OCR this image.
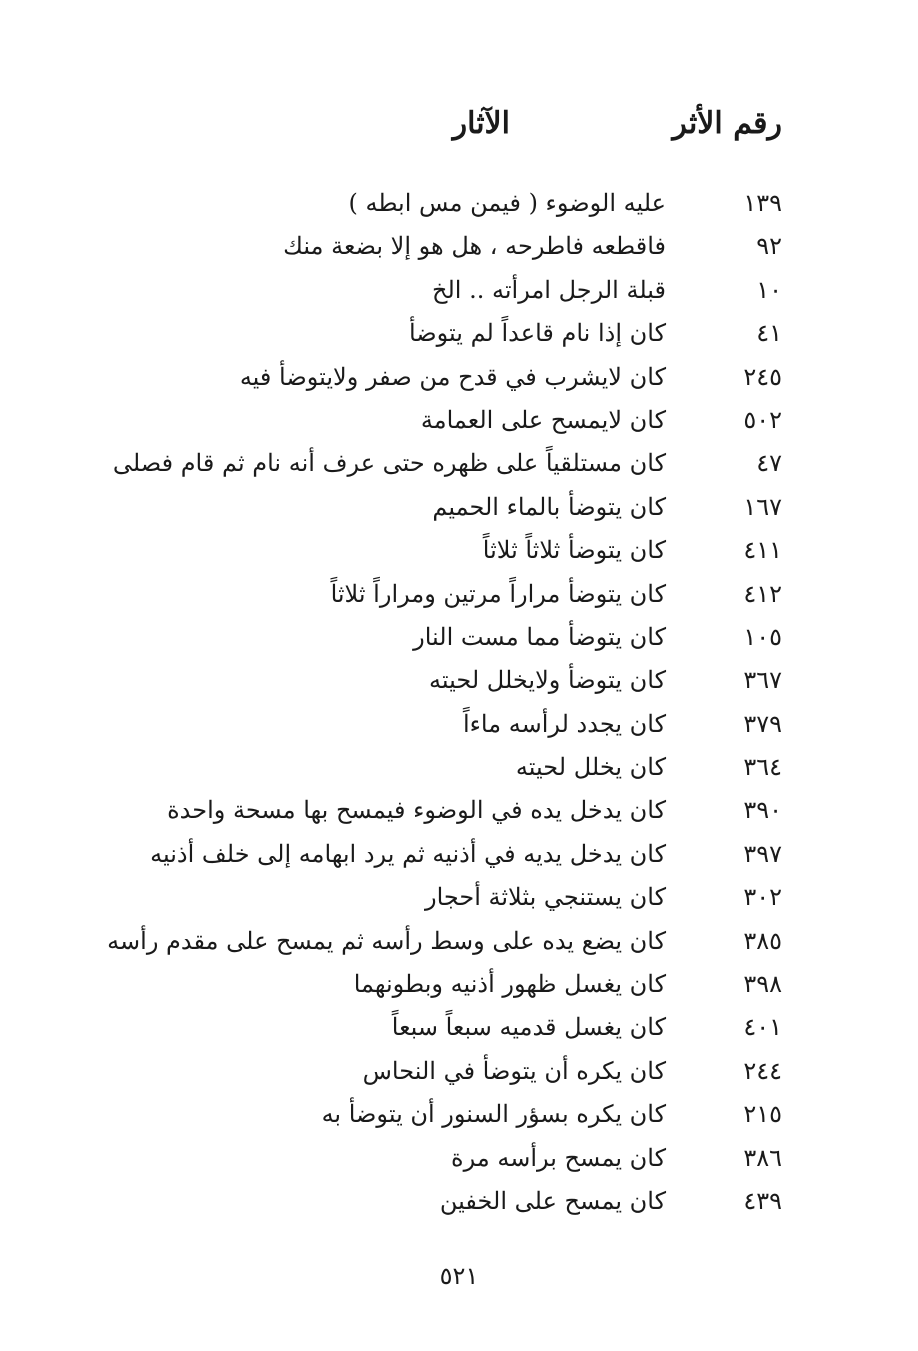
رقم الأثر
الآثار
١٣٩
عليه الوضوء ( فيمن مس ابطه )
٩٢
فاقطعه فاطرحه ، هل هو إلا بضعة منك
١٠
قبلة الرجل امرأته .. الخ
٤١
كان إذا نام قاعداً لم يتوضأ
٢٤٥
كان لايشرب في قدح من صفر ولايتوضأ فيه
٥٠٢
كان لايمسح على العمامة
٤٧
كان مستلقياً على ظهره حتى عرف أنه نام ثم قام فصلى
١٦٧
كان يتوضأ بالماء الحميم
٤١١
كان يتوضأ ثلاثاً ثلاثاً
٤١٢
كان يتوضأ مراراً مرتين ومراراً ثلاثاً
١٠٥
كان يتوضأ مما مست النار
٣٦٧
كان يتوضأ ولايخلل لحيته
٣٧٩
كان يجدد لرأسه ماءاً
٣٦٤
كان يخلل لحيته
٣٩٠
كان يدخل يده في الوضوء فيمسح بها مسحة واحدة
٣٩٧
كان يدخل يديه في أذنيه ثم يرد ابهامه إلى خلف أذنيه
٣٠٢
كان يستنجي بثلاثة أحجار
٣٨٥
كان يضع يده على وسط رأسه ثم يمسح على مقدم رأسه
٣٩٨
كان يغسل ظهور أذنيه وبطونهما
٤٠١
كان يغسل قدميه سبعاً سبعاً
٢٤٤
كان يكره أن يتوضأ في النحاس
٢١٥
كان يكره بسؤر السنور أن يتوضأ به
٣٨٦
كان يمسح برأسه مرة
٤٣٩
كان يمسح على الخفين
٥٢١
